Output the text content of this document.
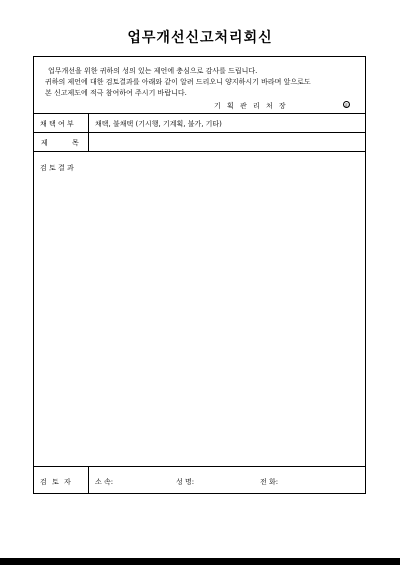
업무개선신고처리회신
업무개선을 위한 귀하의 성의 있는 제언에 충심으로 감사를 드립니다.
귀하의 제언에 대한 검토결과를 아래와 같이 알려 드리오니 양지하시기 바라며 앞으로도
본 신고제도에 적극 참여하여 주시기 바랍니다.
기 획 관 리 처 장	印
채 택 여 부	채택, 불채택 (기시행, 기계획, 불가, 기타)
제 목
검 토 결 과
검 토 자	소 속:	성 명:	전 화:
